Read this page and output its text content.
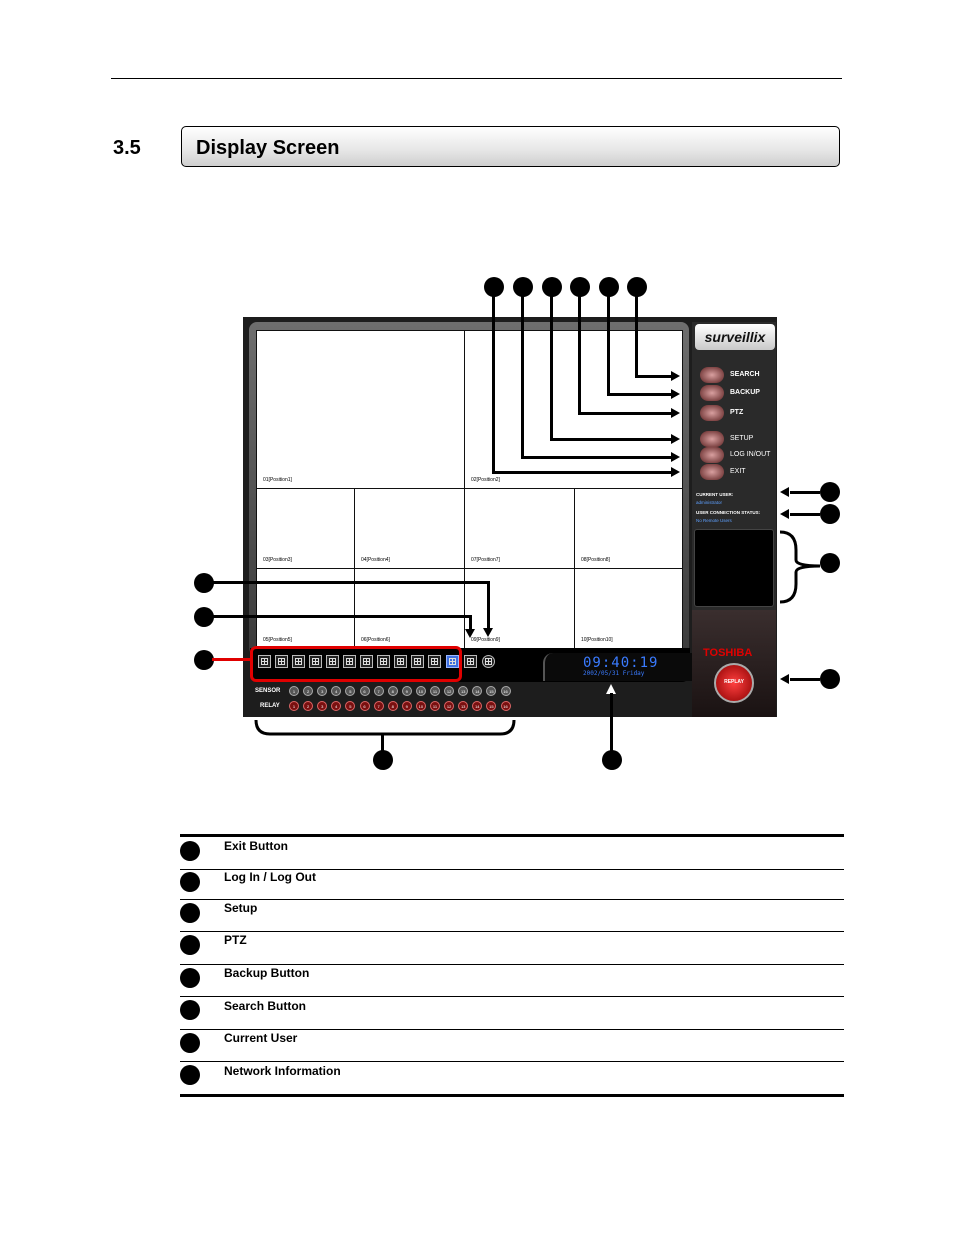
3.5	Display Screen
01[Position1]	02[Position2]
03[Position3]	04[Position4]	07[Position7]	08[Position8]
05[Position5]	06[Position6]	09[Position9]	10[Position10]
09:40:19
2002/05/31 Friday
SENSOR
RELAY
surveillix
SEARCH
BACKUP
PTZ
SETUP
LOG IN/OUT
EXIT
CURRENT USER:
administrator
USER CONNECTION STATUS:
No Remote Users
TOSHIBA
REPLAY
Exit Button
Log In / Log Out
Setup
PTZ
Backup Button
Search Button
Current User
Network Information
1
1
2
2
3
3
4
4
5
5
6
6
7
7
8
8
9
9
10
10
11
11
12
12
13
13
14
14
15
15
16
16
